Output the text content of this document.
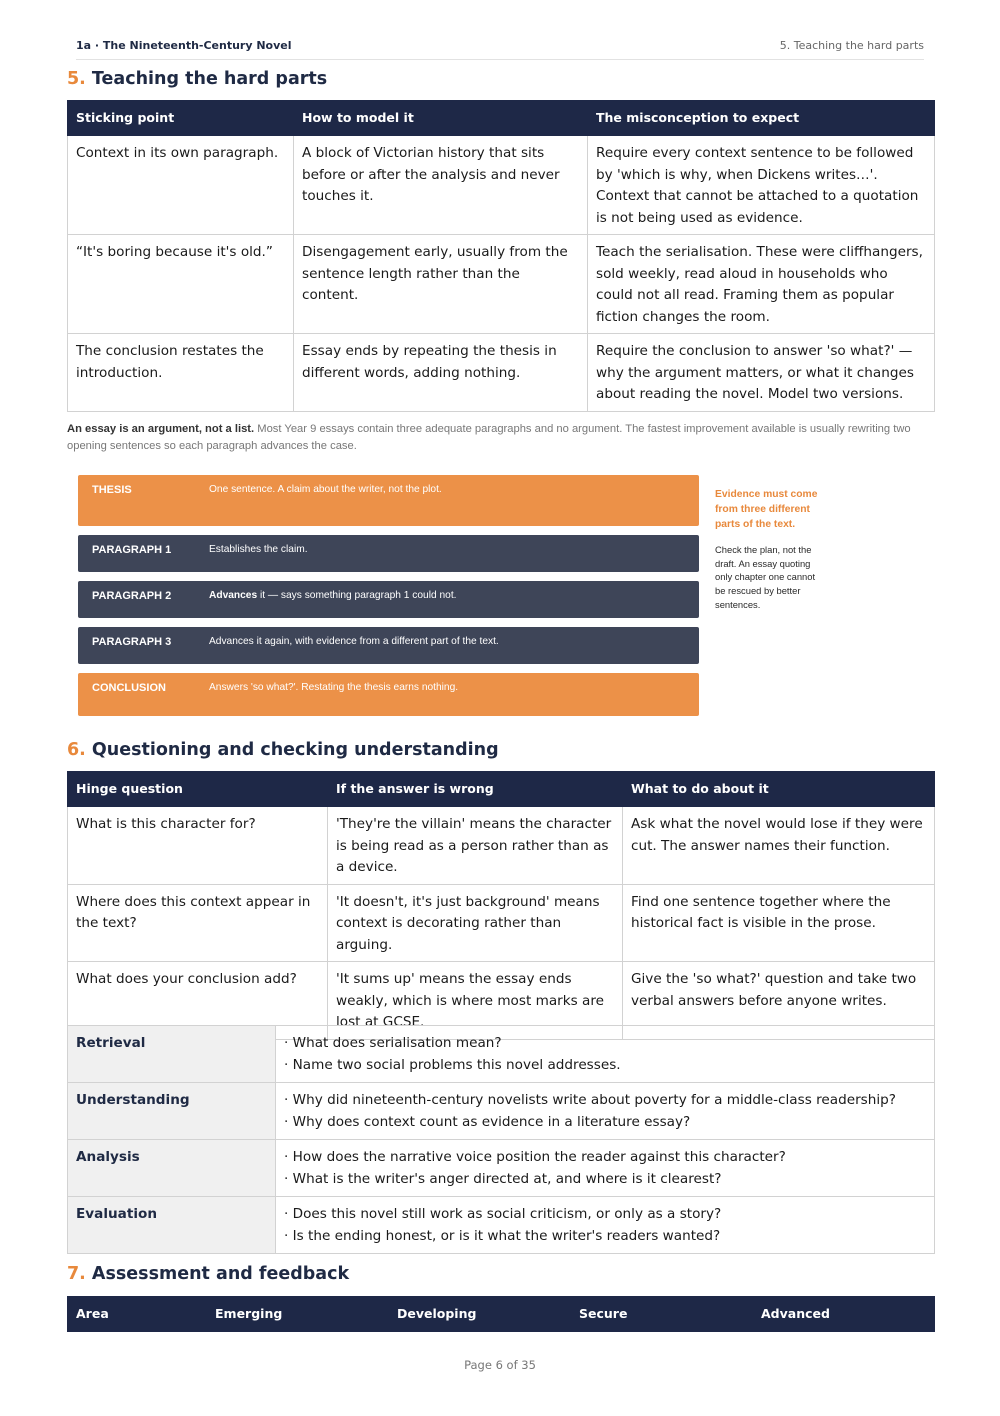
1a · The Nineteenth-Century Novel	5. Teaching the hard parts
5. Teaching the hard parts
Sticking point	How to model it	The misconception to expect
Context in its own paragraph.	A block of Victorian history that sits before or after the analysis and never touches it.	Require every context sentence to be followed by 'which is why, when Dickens writes…'. Context that cannot be attached to a quotation is not being used as evidence.
“It's boring because it's old.”	Disengagement early, usually from the sentence length rather than the content.	Teach the serialisation. These were cliffhangers, sold weekly, read aloud in households who could not all read. Framing them as popular fiction changes the room.
The conclusion restates the introduction.	Essay ends by repeating the thesis in different words, adding nothing.	Require the conclusion to answer 'so what?' — why the argument matters, or what it changes about reading the novel. Model two versions.

An essay is an argument, not a list. Most Year 9 essays contain three adequate paragraphs and no argument. The fastest improvement available is usually rewriting two opening sentences so each paragraph advances the case.

THESIS	One sentence. A claim about the writer, not the plot.
PARAGRAPH 1	Establishes the claim.
PARAGRAPH 2	Advances it — says something paragraph 1 could not.
PARAGRAPH 3	Advances it again, with evidence from a different part of the text.
CONCLUSION	Answers 'so what?'. Restating the thesis earns nothing.
Evidence must come from three different parts of the text.
Check the plan, not the draft. An essay quoting only chapter one cannot be rescued by better sentences.
6. Questioning and checking understanding
Hinge question	If the answer is wrong	What to do about it
What is this character for?	'They're the villain' means the character is being read as a person rather than as a device.	Ask what the novel would lose if they were cut. The answer names their function.
Where does this context appear in the text?	'It doesn't, it's just background' means context is decorating rather than arguing.	Find one sentence together where the historical fact is visible in the prose.
What does your conclusion add?	'It sums up' means the essay ends weakly, which is where most marks are lost at GCSE.	Give the 'so what?' question and take two verbal answers before anyone writes.
Retrieval	· What does serialisation mean?
· Name two social problems this novel addresses.

Understanding	· Why did nineteenth-century novelists write about poverty for a middle-class readership?
· Why does context count as evidence in a literature essay?

Analysis	· How does the narrative voice position the reader against this character?
· What is the writer's anger directed at, and where is it clearest?

Evaluation	· Does this novel still work as social criticism, or only as a story?
· Is the ending honest, or is it what the writer's readers wanted?
7. Assessment and feedback
Area	Emerging	Developing	Secure	Advanced
Page 6 of 35
